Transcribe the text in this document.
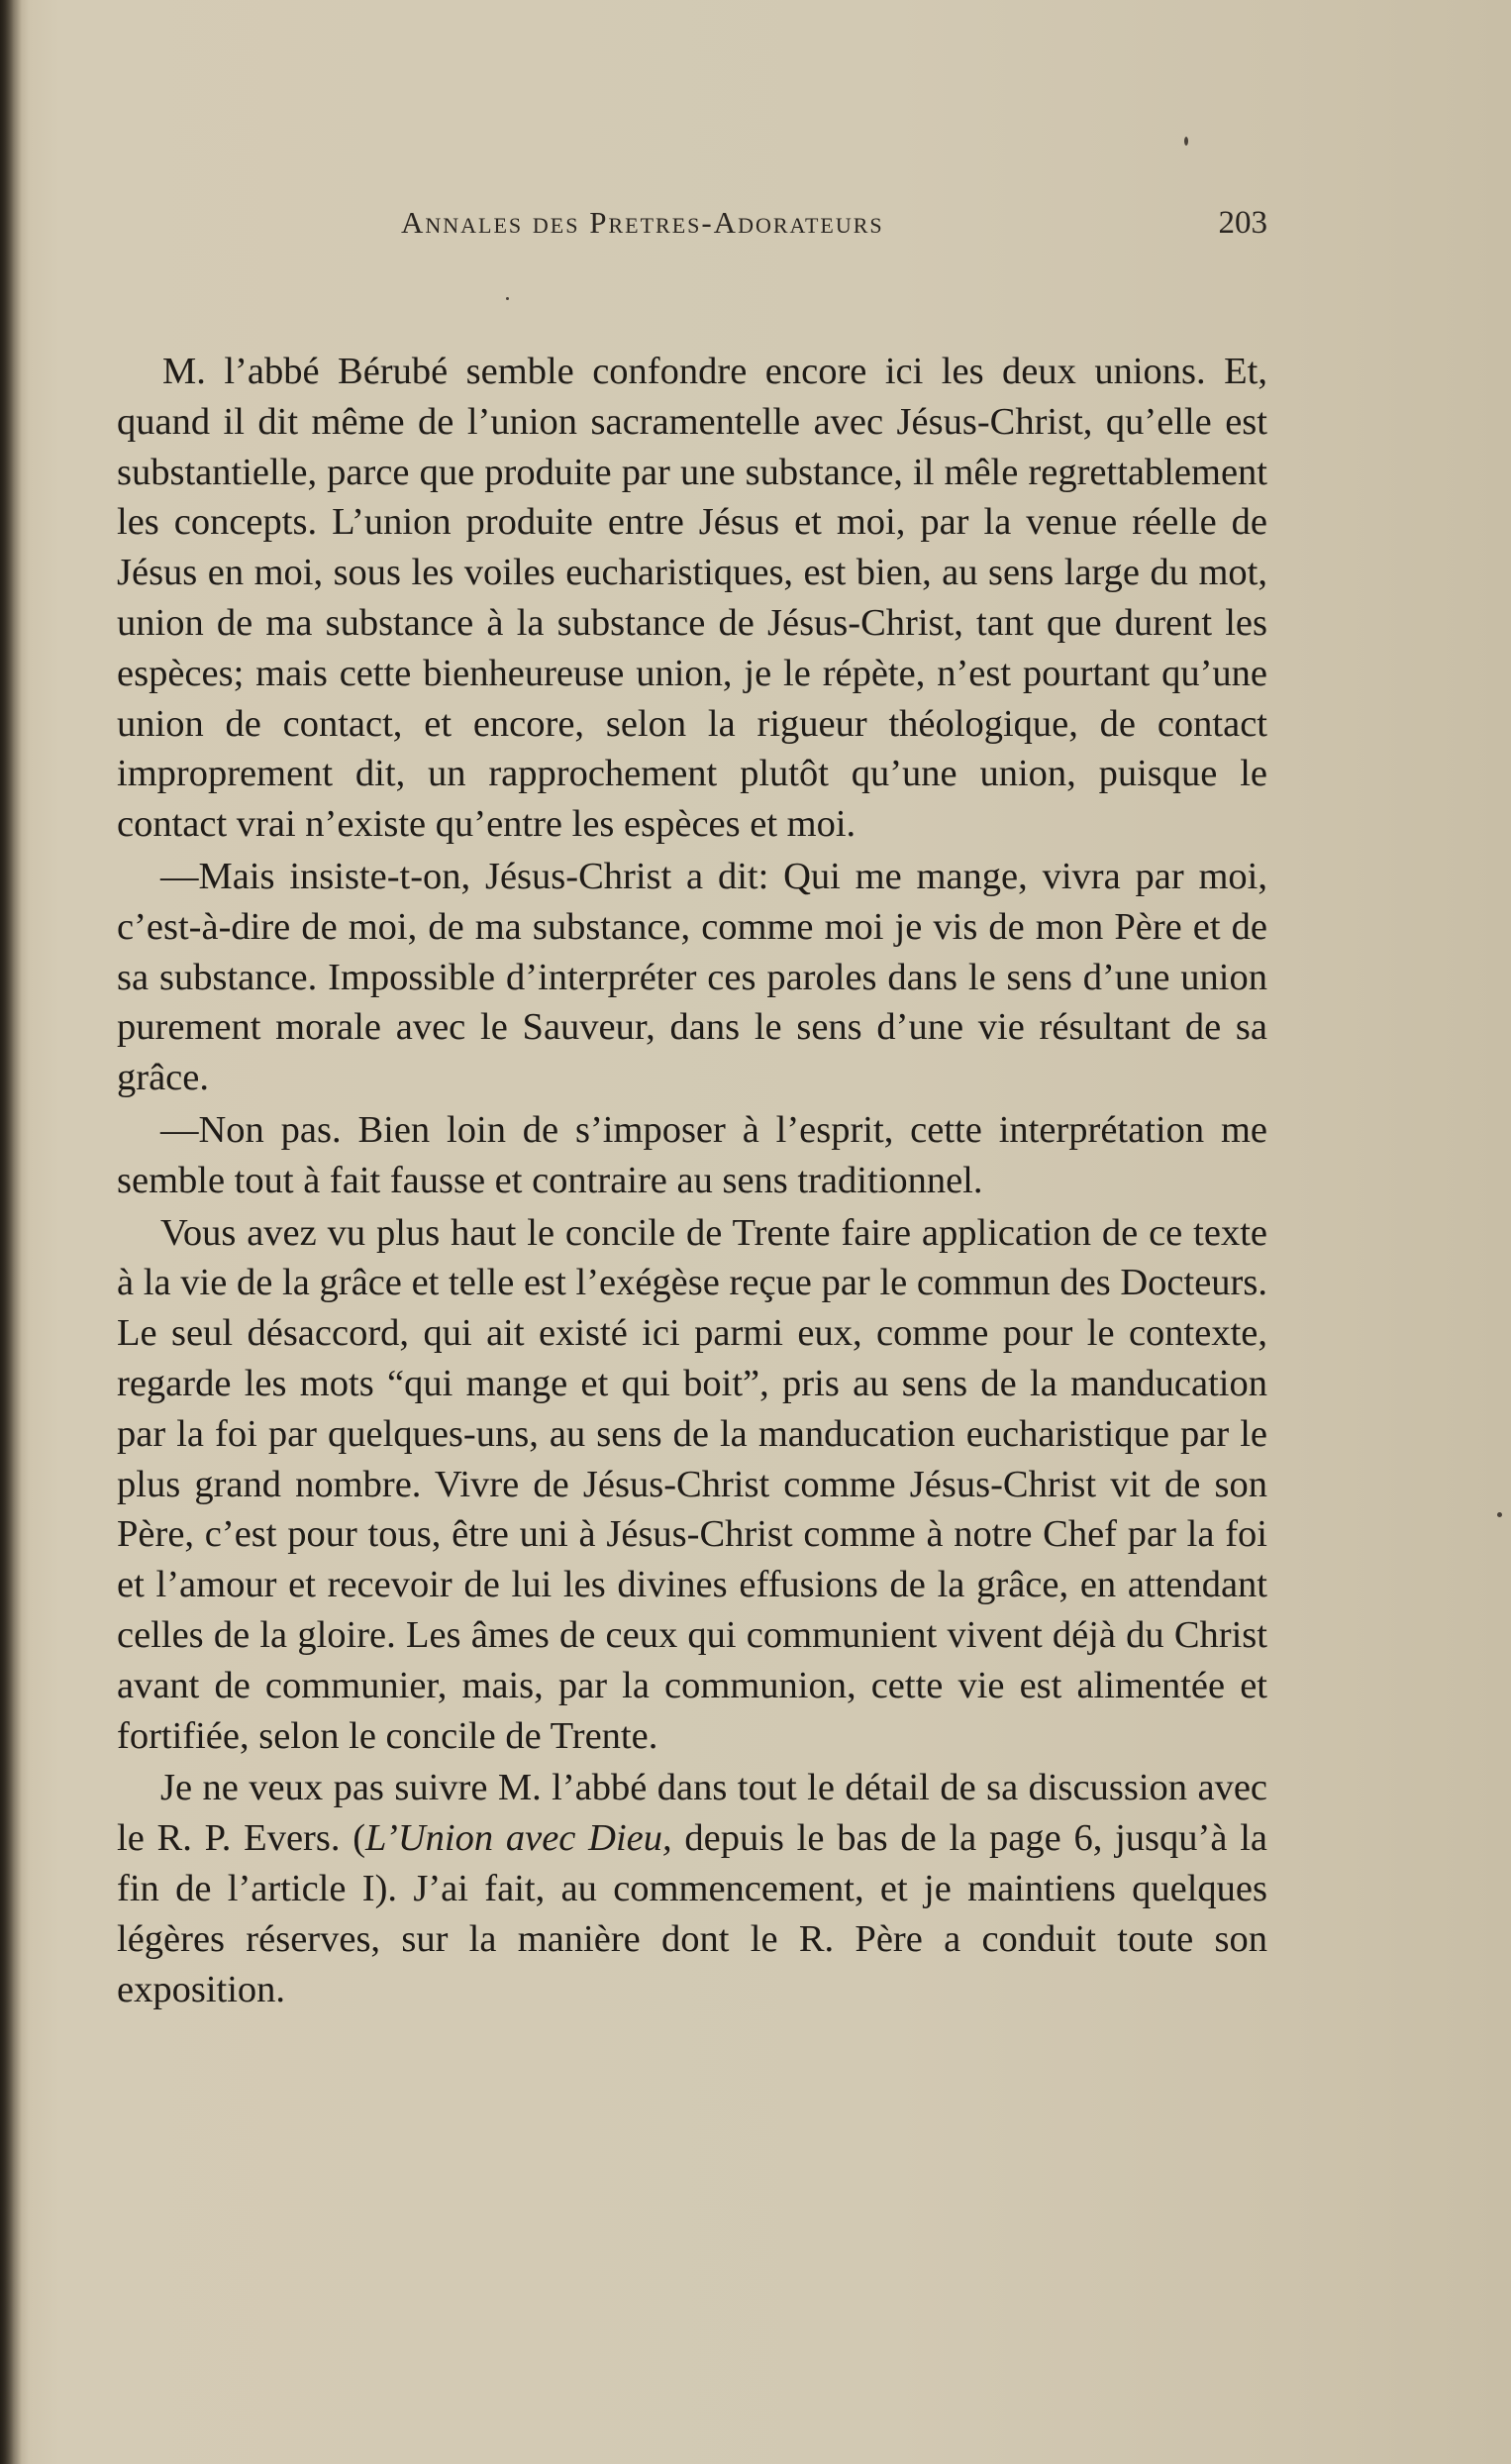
Annales des Pretres-Adorateurs	203

M. l’abbé Bérubé semble confondre encore ici les deux unions. Et, quand il dit même de l’union sacramentelle avec Jésus-Christ, qu’elle est substantielle, parce que produite par une substance, il mêle regrettablement les concepts. L’union produite entre Jésus et moi, par la venue réelle de Jésus en moi, sous les voiles eucharistiques, est bien, au sens large du mot, union de ma substance à la substance de Jésus-Christ, tant que durent les espèces; mais cette bienheureuse union, je le répète, n’est pourtant qu’une union de contact, et encore, selon la rigueur théologique, de contact improprement dit, un rapprochement plutôt qu’une union, puisque le contact vrai n’existe qu’entre les espèces et moi.

—Mais insiste-t-on, Jésus-Christ a dit: Qui me mange, vivra par moi, c’est-à-dire de moi, de ma substance, comme moi je vis de mon Père et de sa substance. Impossible d’interpréter ces paroles dans le sens d’une union purement morale avec le Sauveur, dans le sens d’une vie résultant de sa grâce.

—Non pas. Bien loin de s’imposer à l’esprit, cette interprétation me semble tout à fait fausse et contraire au sens traditionnel.

Vous avez vu plus haut le concile de Trente faire application de ce texte à la vie de la grâce et telle est l’exégèse reçue par le commun des Docteurs. Le seul désaccord, qui ait existé ici parmi eux, comme pour le contexte, regarde les mots “qui mange et qui boit”, pris au sens de la manducation par la foi par quelques-uns, au sens de la manducation eucharistique par le plus grand nombre. Vivre de Jésus-Christ comme Jésus-Christ vit de son Père, c’est pour tous, être uni à Jésus-Christ comme à notre Chef par la foi et l’amour et recevoir de lui les divines effusions de la grâce, en attendant celles de la gloire. Les âmes de ceux qui communient vivent déjà du Christ avant de communier, mais, par la communion, cette vie est alimentée et fortifiée, selon le concile de Trente.

Je ne veux pas suivre M. l’abbé dans tout le détail de sa discussion avec le R. P. Evers. (L’Union avec Dieu, depuis le bas de la page 6, jusqu’à la fin de l’article I). J’ai fait, au commencement, et je maintiens quelques légères réserves, sur la manière dont le R. Père a conduit toute son exposition.
